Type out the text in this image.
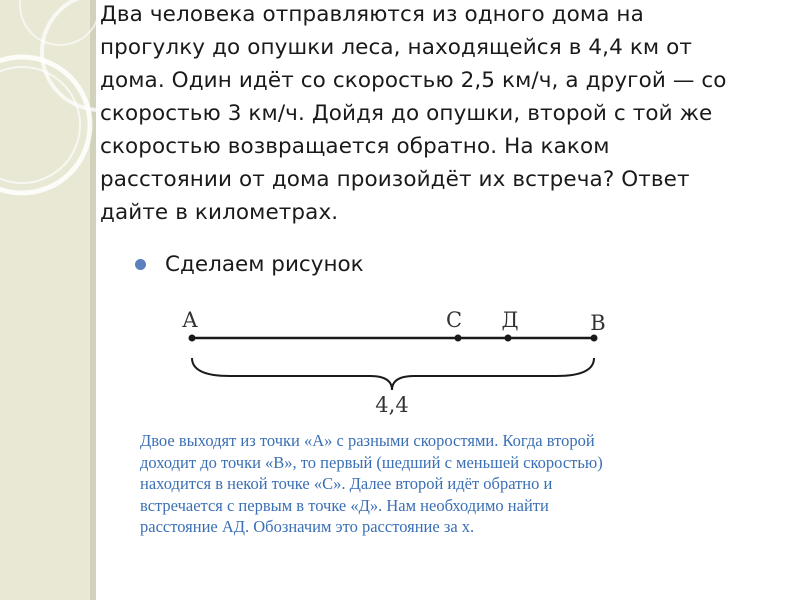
Два человека отправляются из одного дома на
прогулку до опушки леса, находящейся в 4,4 км от
дома. Один идёт со скоростью 2,5 км/ч, а другой — со
скоростью 3 км/ч. Дойдя до опушки, второй с той же
скоростью возвращается обратно. На каком
расстоянии от дома произойдёт их встреча? Ответ
дайте в километрах.

Сделаем рисунок
A	С Д	В
4,4

Двое выходят из точки «А» с разными скоростями. Когда второй
доходит до точки «В», то первый (шедший с меньшей скоростью)
находится в некой точке «С». Далее второй идёт обратно и
встречается с первым в точке «Д». Нам необходимо найти
расстояние АД. Обозначим это расстояние за х.
